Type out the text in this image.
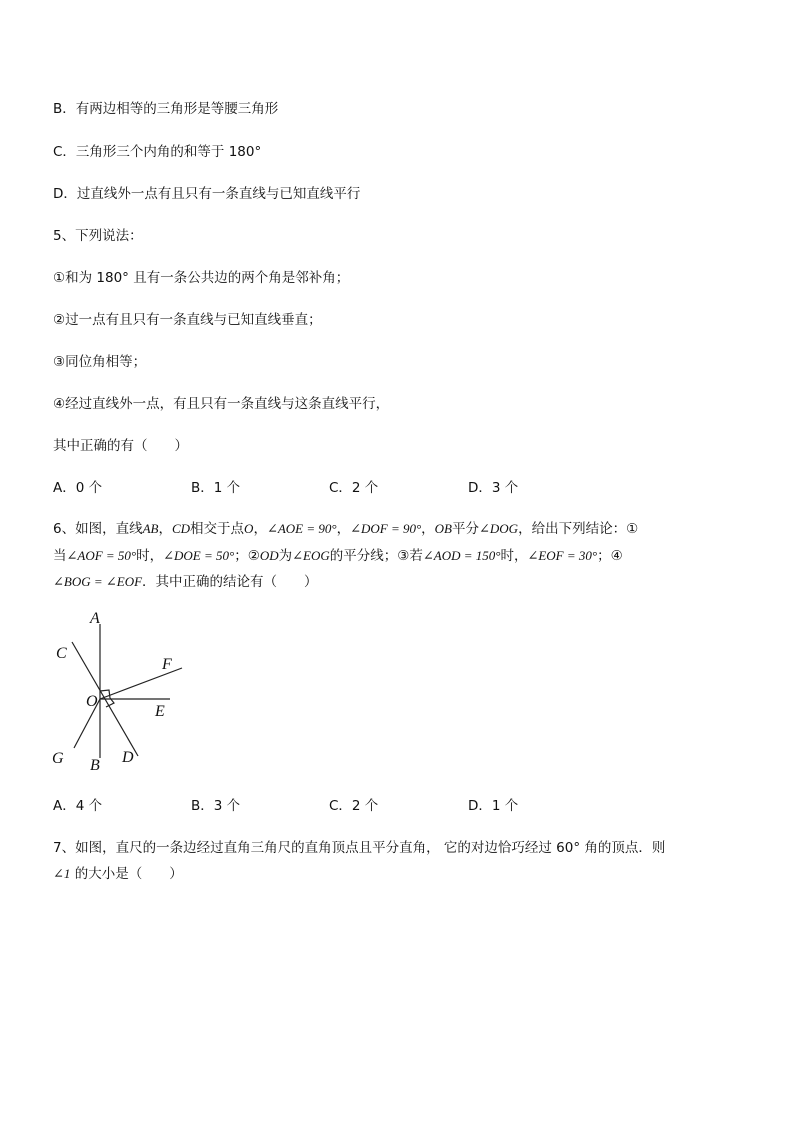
B．有两边相等的三角形是等腰三角形
C．三角形三个内角的和等于 180°
D．过直线外一点有且只有一条直线与已知直线平行
5、下列说法：
①和为 180° 且有一条公共边的两个角是邻补角；
②过一点有且只有一条直线与已知直线垂直；
③同位角相等；
④经过直线外一点，有且只有一条直线与这条直线平行，
其中正确的有（　　）
A．0 个	B．1 个	C．2 个	D．3 个
6、如图，直线AB，CD相交于点O，∠AOE = 90°，∠DOF = 90°，OB平分∠DOG，给出下列结论：①
当∠AOF = 50°时，∠DOE = 50°；②OD为∠EOG的平分线；③若∠AOD = 150°时，∠EOF = 30°；④
∠BOG = ∠EOF．其中正确的结论有（　　）
A
C
F
O
E
G B D
A．4 个	B．3 个	C．2 个	D．1 个
7、如图，直尺的一条边经过直角三角尺的直角顶点且平分直角， 它的对边恰巧经过 60° 角的顶点．则
∠1 的大小是（　　）
